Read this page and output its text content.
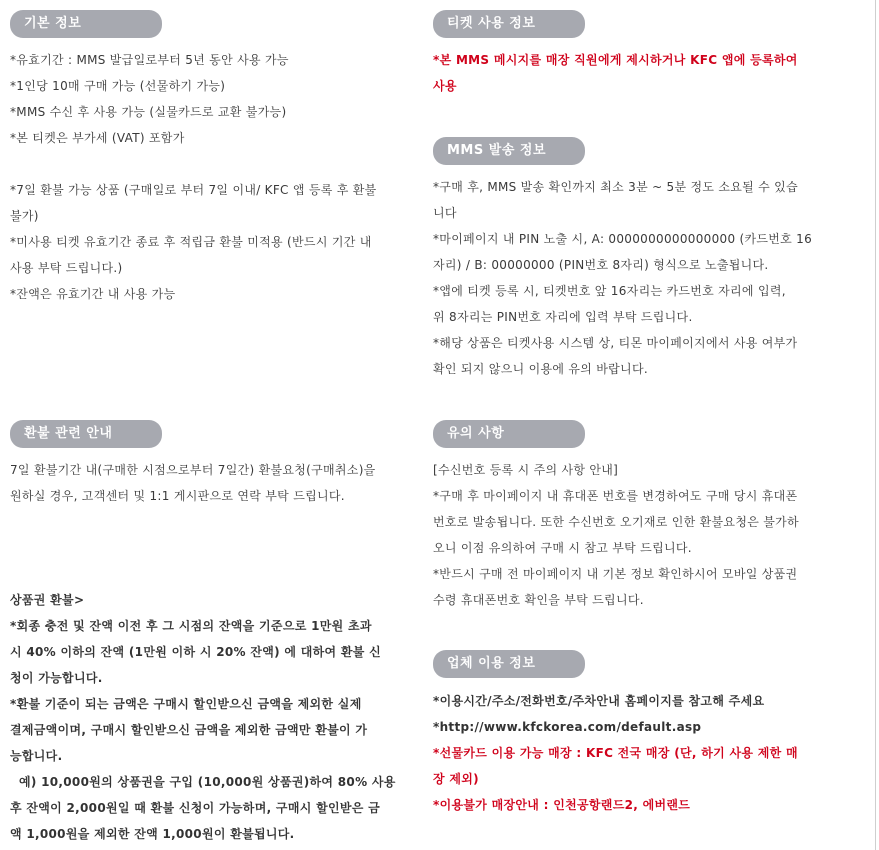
기본 정보

*유효기간 : MMS 발급일로부터 5년 동안 사용 가능

*1인당 10매 구매 가능 (선물하기 가능)

*MMS 수신 후 사용 가능 (실물카드로 교환 불가능)

*본 티켓은 부가세 (VAT) 포함가

*7일 환불 가능 상품 (구매일로 부터 7일 이내/ KFC 앱 등록 후 환불

불가)

*미사용 티켓 유효기간 종료 후 적립금 환불 미적용 (반드시 기간 내

사용 부탁 드립니다.)

*잔액은 유효기간 내 사용 가능

환불 관련 안내

7일 환불기간 내(구매한 시점으로부터 7일간) 환불요청(구매취소)을

원하실 경우, 고객센터 및 1:1 게시판으로 연락 부탁 드립니다.

상품권 환불>

*회종 충전 및 잔액 이전 후 그 시점의 잔액을 기준으로 1만원 초과

시 40% 이하의 잔액 (1만원 이하 시 20% 잔액) 에 대하여 환불 신

청이 가능합니다.

*환불 기준이 되는 금액은 구매시 할인받으신 금액을 제외한 실제

결제금액이며, 구매시 할인받으신 금액을 제외한 금액만 환불이 가

능합니다.

예) 10,000원의 상품권을 구입 (10,000원 상품권)하여 80% 사용

후 잔액이 2,000원일 때 환불 신청이 가능하며, 구매시 할인받은 금

액 1,000원을 제외한 잔액 1,000원이 환불됩니다.

티켓 사용 정보

*본 MMS 메시지를 매장 직원에게 제시하거나 KFC 앱에 등록하여

사용

MMS 발송 정보

*구매 후, MMS 발송 확인까지 최소 3분 ~ 5분 정도 소요될 수 있습

니다

*마이페이지 내 PIN 노출 시, A: 0000000000000000 (카드번호 16

자리) / B: 00000000 (PIN번호 8자리) 형식으로 노출됩니다.

*앱에 티켓 등록 시, 티켓번호 앞 16자리는 카드번호 자리에 입력,

위 8자리는 PIN번호 자리에 입력 부탁 드립니다.

*해당 상품은 티켓사용 시스템 상, 티몬 마이페이지에서 사용 여부가

확인 되지 않으니 이용에 유의 바랍니다.

유의 사항

[수신번호 등록 시 주의 사항 안내]

*구매 후 마이페이지 내 휴대폰 번호를 변경하여도 구매 당시 휴대폰

번호로 발송됩니다. 또한 수신번호 오기재로 인한 환불요청은 불가하

오니 이점 유의하여 구매 시 참고 부탁 드립니다.

*반드시 구매 전 마이페이지 내 기본 정보 확인하시어 모바일 상품권

수령 휴대폰번호 확인을 부탁 드립니다.

업체 이용 정보

*이용시간/주소/전화번호/주차안내 홈페이지를 참고해 주세요

*http://www.kfckorea.com/default.asp

*선물카드 이용 가능 매장 : KFC 전국 매장 (단, 하기 사용 제한 매

장 제외)

*이용불가 매장안내 : 인천공항랜드2, 에버랜드
